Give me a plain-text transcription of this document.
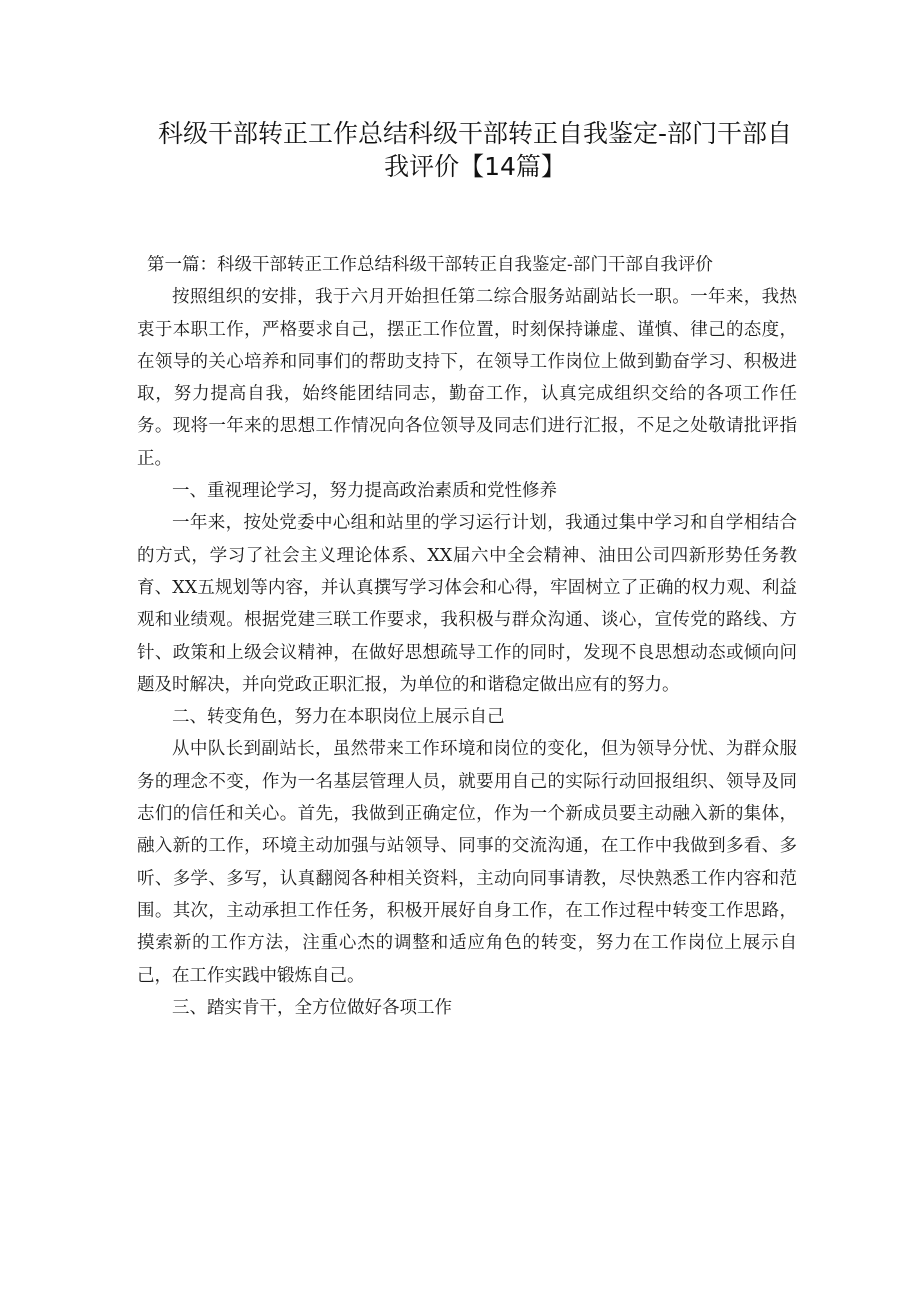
科级干部转正工作总结科级干部转正自我鉴定-部门干部自我评价【14篇】

第一篇：科级干部转正工作总结科级干部转正自我鉴定-部门干部自我评价

按照组织的安排，我于六月开始担任第二综合服务站副站长一职。一年来，我热衷于本职工作，严格要求自己，摆正工作位置，时刻保持谦虚、谨慎、律己的态度，在领导的关心培养和同事们的帮助支持下，在领导工作岗位上做到勤奋学习、积极进取，努力提高自我，始终能团结同志，勤奋工作，认真完成组织交给的各项工作任务。现将一年来的思想工作情况向各位领导及同志们进行汇报，不足之处敬请批评指正。

一、重视理论学习，努力提高政治素质和党性修养

一年来，按处党委中心组和站里的学习运行计划，我通过集中学习和自学相结合的方式，学习了社会主义理论体系、XX届六中全会精神、油田公司四新形势任务教育、XX五规划等内容，并认真撰写学习体会和心得，牢固树立了正确的权力观、利益观和业绩观。根据党建三联工作要求，我积极与群众沟通、谈心，宣传党的路线、方针、政策和上级会议精神，在做好思想疏导工作的同时，发现不良思想动态或倾向问题及时解决，并向党政正职汇报，为单位的和谐稳定做出应有的努力。

二、转变角色，努力在本职岗位上展示自己

从中队长到副站长，虽然带来工作环境和岗位的变化，但为领导分忧、为群众服务的理念不变，作为一名基层管理人员，就要用自己的实际行动回报组织、领导及同志们的信任和关心。首先，我做到正确定位，作为一个新成员要主动融入新的集体，融入新的工作，环境主动加强与站领导、同事的交流沟通，在工作中我做到多看、多听、多学、多写，认真翻阅各种相关资料，主动向同事请教，尽快熟悉工作内容和范围。其次，主动承担工作任务，积极开展好自身工作，在工作过程中转变工作思路，摸索新的工作方法，注重心杰的调整和适应角色的转变，努力在工作岗位上展示自己，在工作实践中锻炼自己。

三、踏实肯干，全方位做好各项工作
